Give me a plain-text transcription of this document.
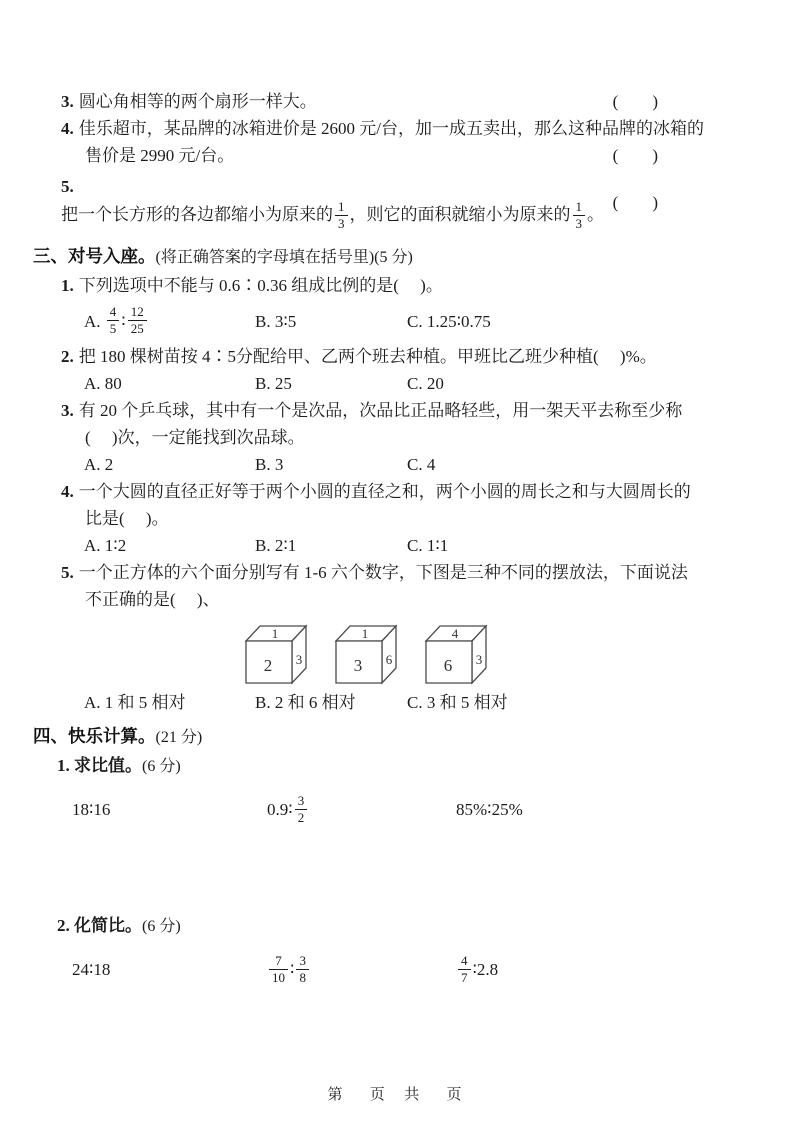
3. 圆心角相等的两个扇形一样大。	(        )
4. 佳乐超市，某品牌的冰箱进价是 2600 元/台，加一成五卖出，那么这种品牌的冰箱的
售价是 2990 元/台。	(        )
5.
把一个长方形的各边都缩小为原来的 $\frac{1}{3}$ ，则它的面积就缩小为原来的 $\frac{1}{3}$ 。
(        )
三、对号入座。(将正确答案的字母填在括号里)(5 分)
1. 下列选项中不能与 0.6∶0.36 组成比例的是(     )。
A. $\frac{4}{5}$ ∶ $\frac{12}{25}$	B. 3∶5	C. 1.25∶0.75
2. 把 180 棵树苗按 4∶5分配给甲、乙两个班去种植。甲班比乙班少种植(     )%。
A. 80	B. 25	C. 20
3. 有 20 个乒乓球，其中有一个是次品，次品比正品略轻些，用一架天平去称至少称
(     )次，一定能找到次品球。
A. 2	B. 3	C. 4
4. 一个大圆的直径正好等于两个小圆的直径之和，两个小圆的周长之和与大圆周长的
比是(     )。
A. 1∶2	B. 2∶1	C. 1∶1
5. 一个正方体的六个面分别写有 1-6 六个数字，下图是三种不同的摆放法，下面说法
不正确的是(     )、
1
2 3
1
3 6
4
6 3
A. 1 和 5 相对	B. 2 和 6 相对	C. 3 和 5 相对
四、快乐计算。(21 分)
1. 求比值。(6 分)
18∶16	0.9∶ $\frac{3}{2}$	85%∶25%
2. 化简比。(6 分)
24∶18	$\frac{7}{10}$ ∶ $\frac{3}{8}$	$\frac{4}{7}$ ∶2.8
第   页  共   页
